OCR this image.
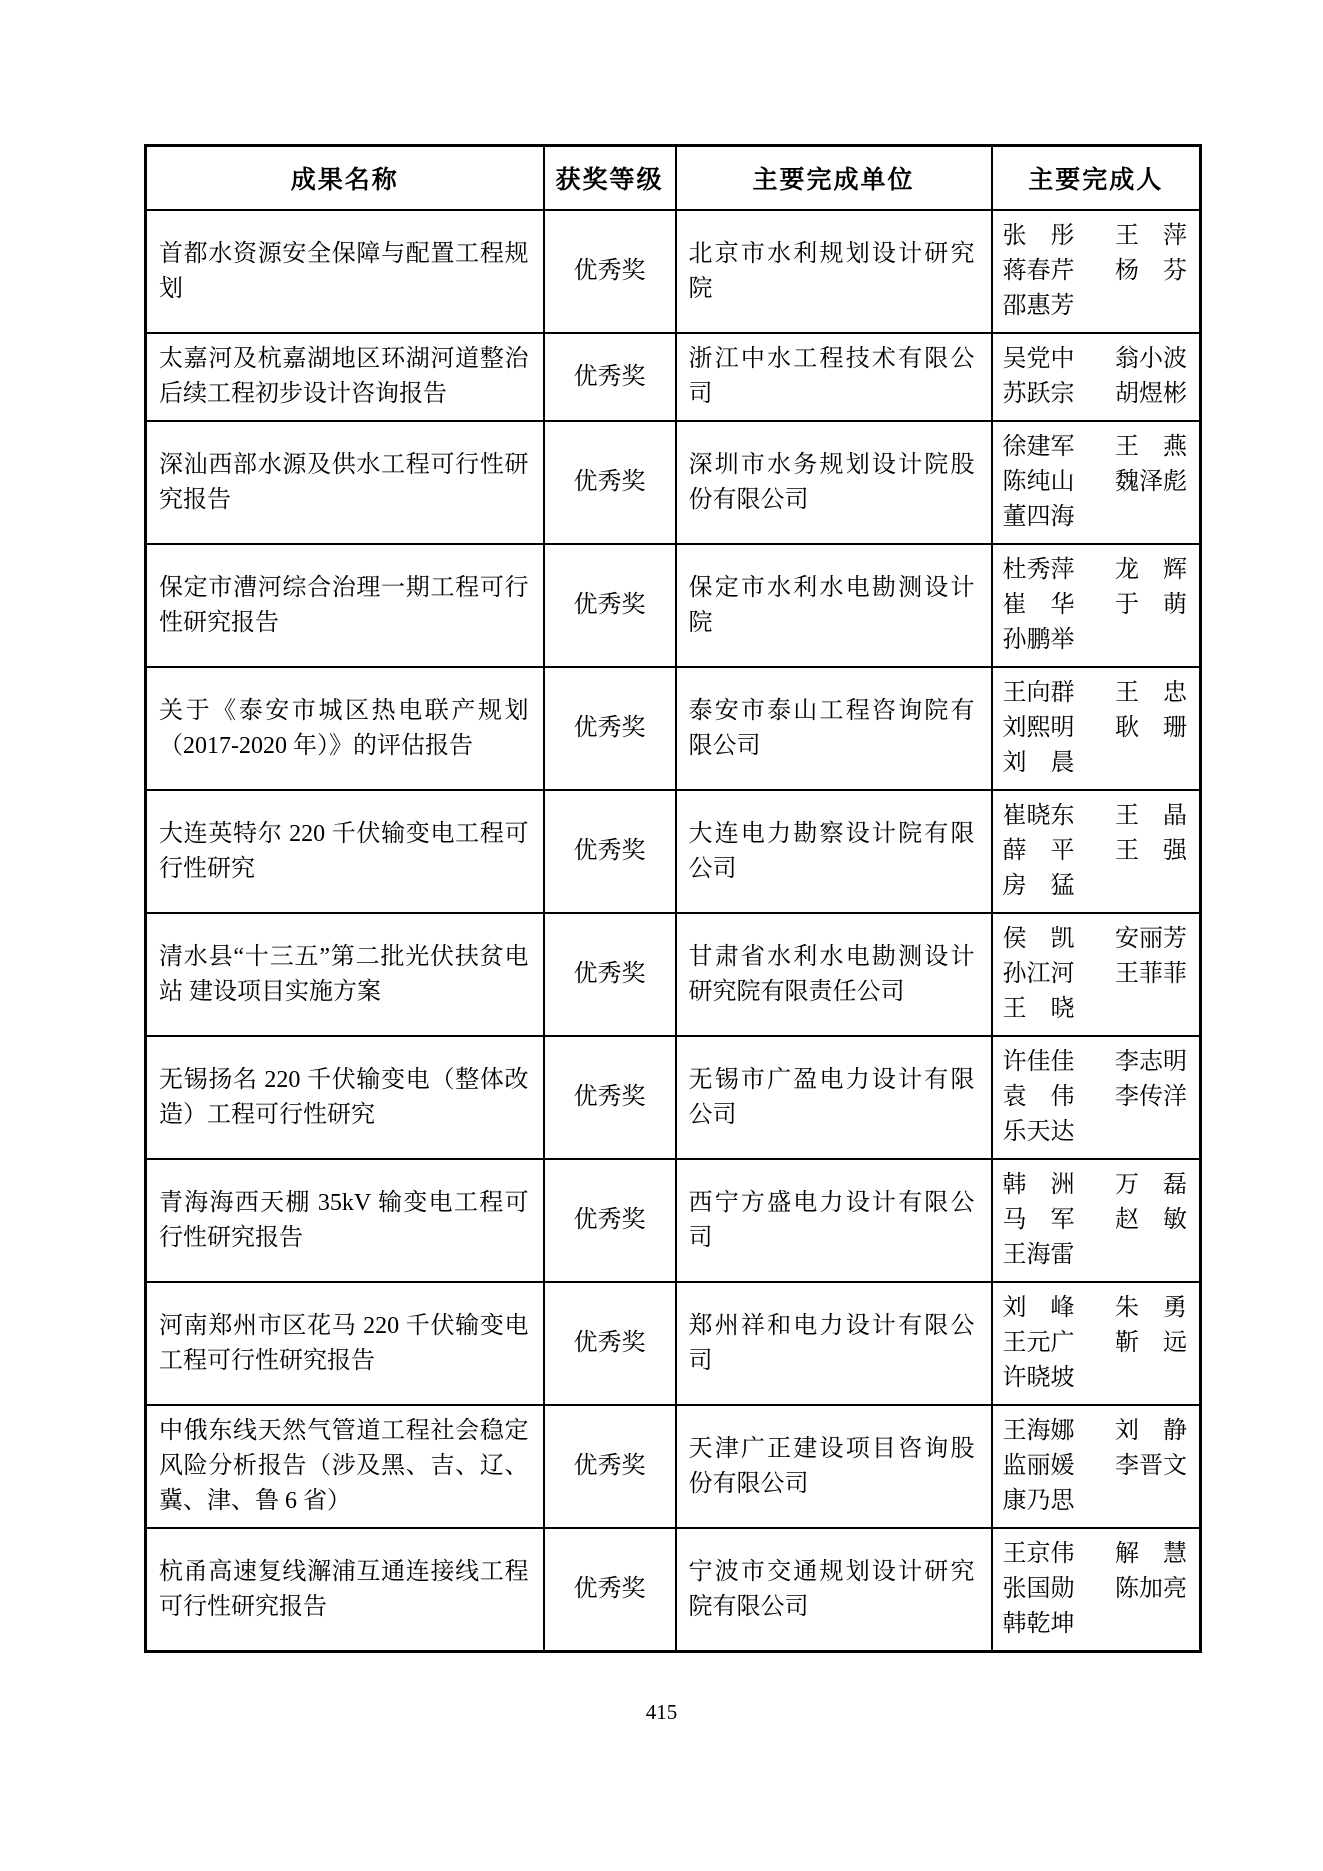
成果名称	获奖等级	主要完成单位	主要完成人
首都水资源安全保障与配置工程规划	优秀奖	北京市水利规划设计研究院	张　彤 王　萍
蒋春芹 杨　芬
邵惠芳

太嘉河及杭嘉湖地区环湖河道整治后续工程初步设计咨询报告	优秀奖	浙江中水工程技术有限公司	吴党中 翁小波
苏跃宗 胡煜彬

深汕西部水源及供水工程可行性研究报告	优秀奖	深圳市水务规划设计院股份有限公司	徐建军 王　燕
陈纯山 魏泽彪
董四海

保定市漕河综合治理一期工程可行性研究报告	优秀奖	保定市水利水电勘测设计院	杜秀萍 龙　辉
崔　华 于　萌
孙鹏举

关于《泰安市城区热电联产规划（2017-2020 年）》的评估报告	优秀奖	泰安市泰山工程咨询院有限公司	王向群 王　忠
刘熙明 耿　珊
刘　晨

大连英特尔 220 千伏输变电工程可行性研究	优秀奖	大连电力勘察设计院有限公司	崔晓东 王　晶
薛　平 王　强
房　猛

清水县“十三五”第二批光伏扶贫电站 建设项目实施方案	优秀奖	甘肃省水利水电勘测设计研究院有限责任公司	侯　凯 安丽芳
孙江河 王菲菲
王　晓

无锡扬名 220 千伏输变电（整体改造）工程可行性研究	优秀奖	无锡市广盈电力设计有限公司	许佳佳 李志明
袁　伟 李传洋
乐天达

青海海西天棚 35kV 输变电工程可行性研究报告	优秀奖	西宁方盛电力设计有限公司	韩　洲 万　磊
马　军 赵　敏
王海雷

河南郑州市区花马 220 千伏输变电工程可行性研究报告	优秀奖	郑州祥和电力设计有限公司	刘　峰 朱　勇
王元广 靳　远
许晓坡

中俄东线天然气管道工程社会稳定风险分析报告（涉及黑、吉、辽、冀、津、鲁 6 省）	优秀奖	天津广正建设项目咨询股份有限公司	王海娜 刘　静
监丽媛 李晋文
康乃思

杭甬高速复线澥浦互通连接线工程可行性研究报告	优秀奖	宁波市交通规划设计研究院有限公司	王京伟 解　慧
张国勋 陈加亮
韩乾坤
415
